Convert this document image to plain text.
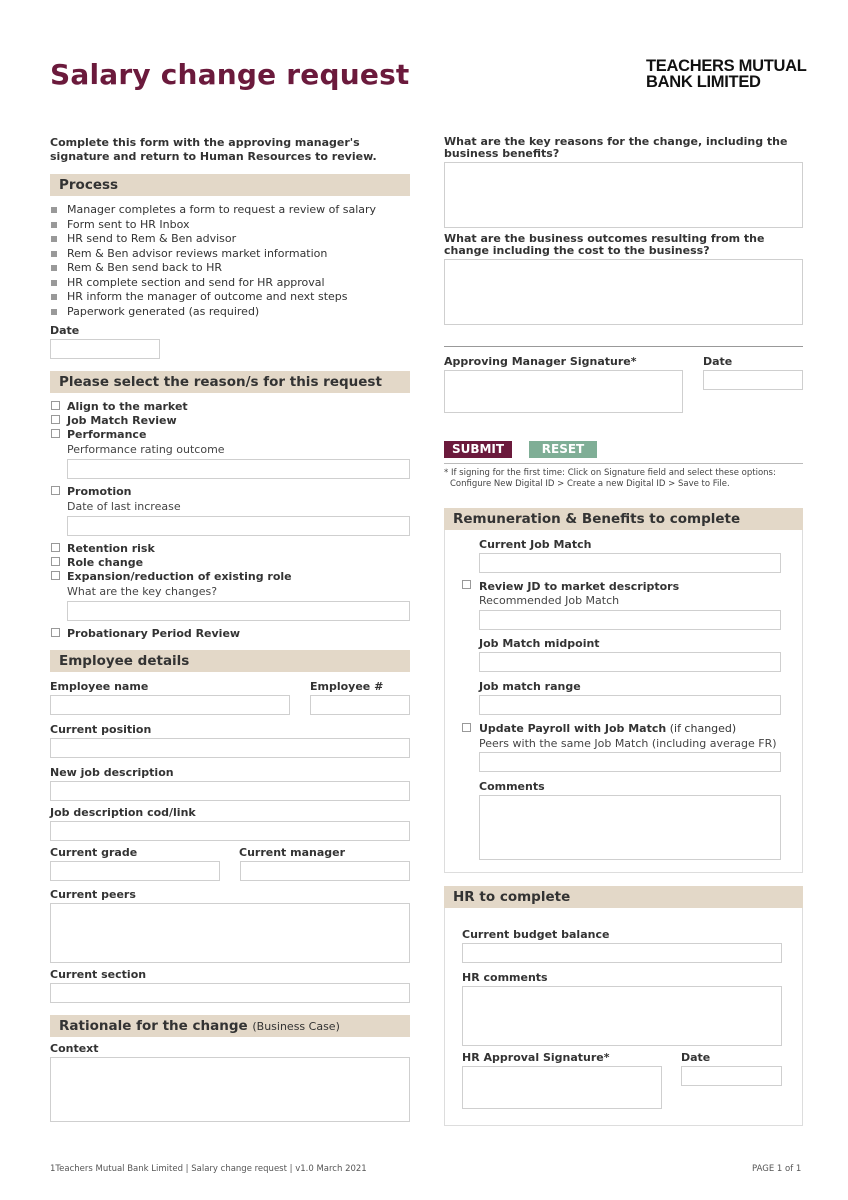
Salary change request	TEACHERS MUTUAL
BANK LIMITED
Complete this form with the approving manager's signature and return to Human Resources to review.
Process
Manager completes a form to request a review of salary
Form sent to HR Inbox
HR send to Rem & Ben advisor
Rem & Ben advisor reviews market information
Rem & Ben send back to HR
HR complete section and send for HR approval
HR inform the manager of outcome and next steps
Paperwork generated (as required)
Date
Please select the reason/s for this request
Align to the market
Job Match Review
Performance
Performance rating outcome
Promotion
Date of last increase
Retention risk
Role change
Expansion/reduction of existing role
What are the key changes?
Probationary Period Review
Employee details
Employee name	Employee #
Current position
New job description
Job description cod/link
Current grade	Current manager
Current peers
Current section
Rationale for the change (Business Case)
Context
What are the key reasons for the change, including the business benefits?
What are the business outcomes resulting from the change including the cost to the business?
Approving Manager Signature*	Date
SUBMIT	RESET
* If signing for the first time: Click on Signature field and select these options:
Configure New Digital ID > Create a new Digital ID > Save to File.
Remuneration & Benefits to complete
Current Job Match
Review JD to market descriptors
Recommended Job Match
Job Match midpoint
Job match range
Update Payroll with Job Match (if changed)
Peers with the same Job Match (including average FR)
Comments
HR to complete
Current budget balance
HR comments
HR Approval Signature*	Date
1Teachers Mutual Bank Limited | Salary change request | v1.0 March 2021	PAGE 1 of 1
